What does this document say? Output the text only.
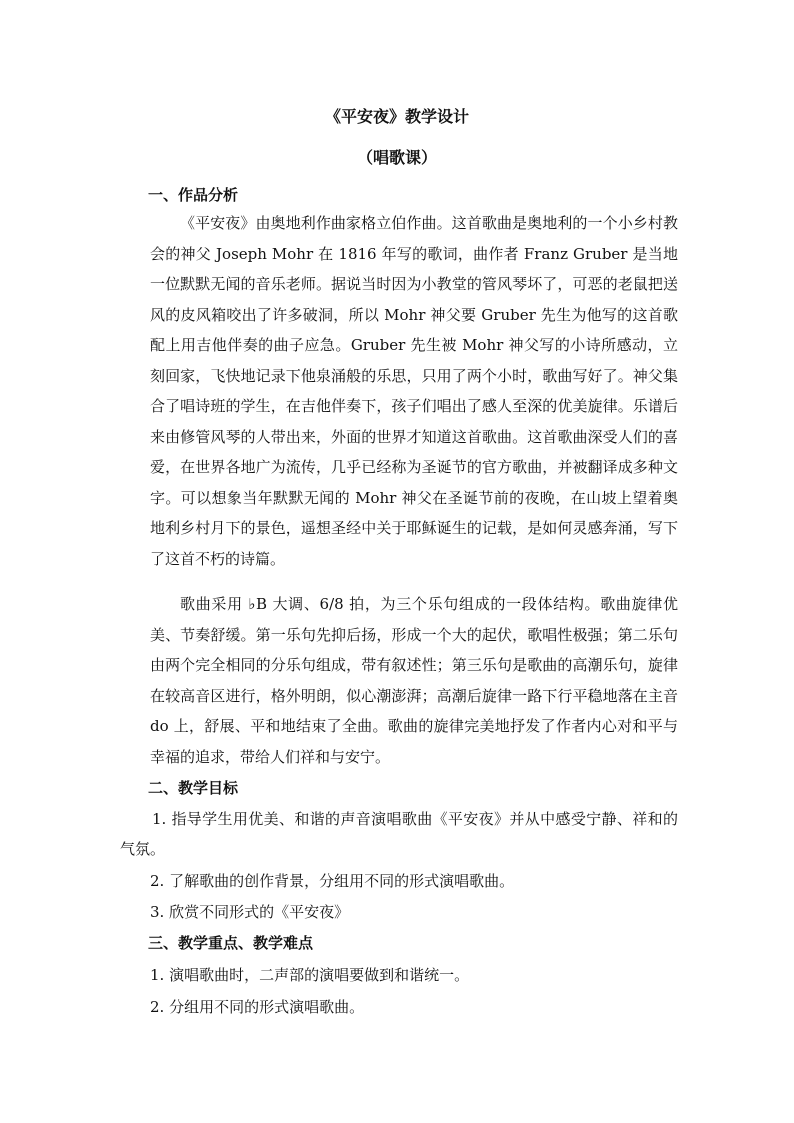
《平安夜》教学设计
（唱歌课）
一、作品分析

《平安夜》由奥地利作曲家格立伯作曲。这首歌曲是奥地利的一个小乡村教会的神父 Joseph Mohr 在 1816 年写的歌词，曲作者 Franz Gruber 是当地一位默默无闻的音乐老师。据说当时因为小教堂的管风琴坏了，可恶的老鼠把送风的皮风箱咬出了许多破洞，所以 Mohr 神父要 Gruber 先生为他写的这首歌配上用吉他伴奏的曲子应急。Gruber 先生被 Mohr 神父写的小诗所感动，立刻回家，飞快地记录下他泉涌般的乐思，只用了两个小时，歌曲写好了。神父集合了唱诗班的学生，在吉他伴奏下，孩子们唱出了感人至深的优美旋律。乐谱后来由修管风琴的人带出来，外面的世界才知道这首歌曲。这首歌曲深受人们的喜爱，在世界各地广为流传，几乎已经称为圣诞节的官方歌曲，并被翻译成多种文字。可以想象当年默默无闻的 Mohr 神父在圣诞节前的夜晚，在山坡上望着奥地利乡村月下的景色，遥想圣经中关于耶稣诞生的记载，是如何灵感奔涌，写下了这首不朽的诗篇。

歌曲采用 ♭B 大调、6/8 拍，为三个乐句组成的一段体结构。歌曲旋律优美、节奏舒缓。第一乐句先抑后扬，形成一个大的起伏，歌唱性极强；第二乐句由两个完全相同的分乐句组成，带有叙述性；第三乐句是歌曲的高潮乐句，旋律在较高音区进行，格外明朗，似心潮澎湃；高潮后旋律一路下行平稳地落在主音 do 上，舒展、平和地结束了全曲。歌曲的旋律完美地抒发了作者内心对和平与幸福的追求，带给人们祥和与安宁。

二、教学目标

1. 指导学生用优美、和谐的声音演唱歌曲《平安夜》并从中感受宁静、祥和的气氛。

2. 了解歌曲的创作背景，分组用不同的形式演唱歌曲。
3. 欣赏不同形式的《平安夜》
三、教学重点、教学难点
1. 演唱歌曲时，二声部的演唱要做到和谐统一。
2. 分组用不同的形式演唱歌曲。
